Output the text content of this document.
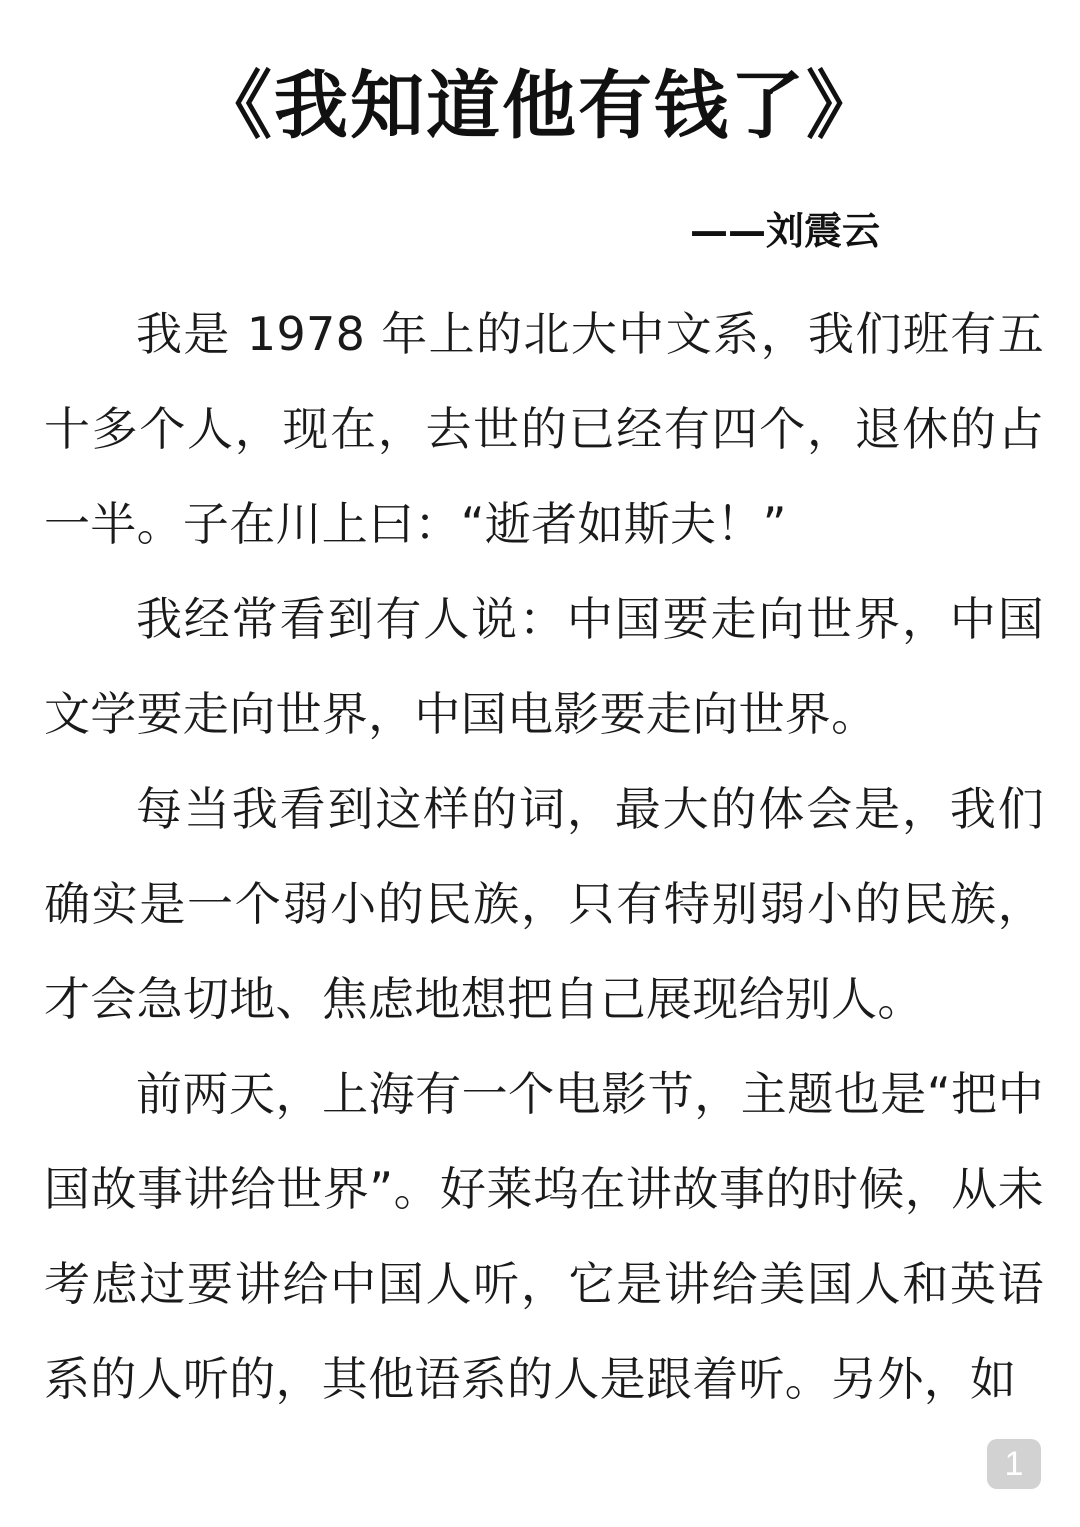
《我知道他有钱了》
——刘震云

我是 1978 年上的北大中文系，我们班有五十多个人，现在，去世的已经有四个，退休的占一半。子在川上曰：“逝者如斯夫！”

我经常看到有人说：中国要走向世界，中国文学要走向世界，中国电影要走向世界。

每当我看到这样的词，最大的体会是，我们确实是一个弱小的民族，只有特别弱小的民族，才会急切地、焦虑地想把自己展现给别人。

前两天，上海有一个电影节，主题也是“把中国故事讲给世界”。好莱坞在讲故事的时候，从未考虑过要讲给中国人听，它是讲给美国人和英语系的人听的，其他语系的人是跟着听。另外，如

1
